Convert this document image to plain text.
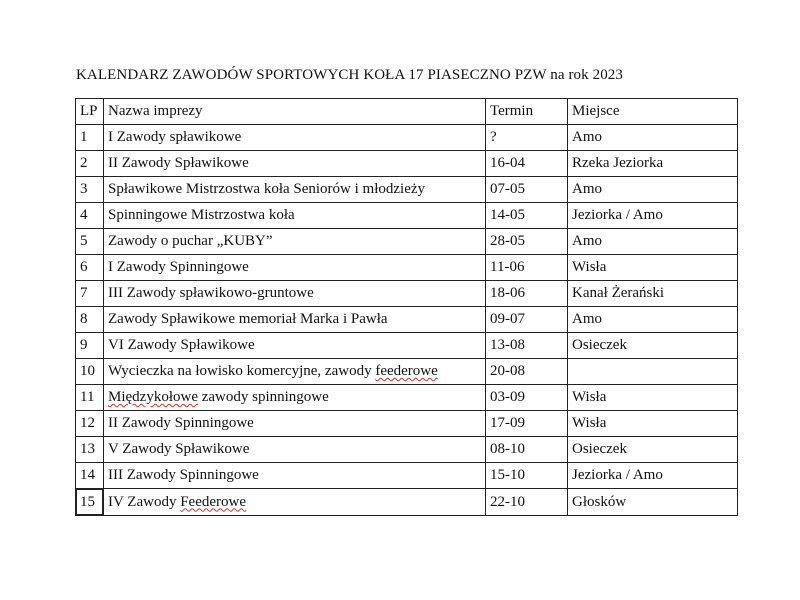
KALENDARZ ZAWODÓW SPORTOWYCH KOŁA 17 PIASECZNO PZW na rok 2023
LP	Nazwa imprezy	Termin	Miejsce
1	I Zawody spławikowe	?	Amo
2	II Zawody Spławikowe	16-04	Rzeka Jeziorka
3	Spławikowe Mistrzostwa koła Seniorów i młodzieży	07-05	Amo
4	Spinningowe Mistrzostwa koła	14-05	Jeziorka / Amo
5	Zawody o puchar „KUBY”	28-05	Amo
6	I Zawody Spinningowe	11-06	Wisła
7	III Zawody spławikowo-gruntowe	18-06	Kanał Żerański
8	Zawody Spławikowe memoriał Marka i Pawła	09-07	Amo
9	VI Zawody Spławikowe	13-08	Osieczek
10	Wycieczka na łowisko komercyjne, zawody feederowe	20-08	
11	Międzykołowe zawody spinningowe	03-09	Wisła
12	II Zawody Spinningowe	17-09	Wisła
13	V Zawody Spławikowe	08-10	Osieczek
14	III Zawody Spinningowe	15-10	Jeziorka / Amo
15	IV Zawody Feederowe	22-10	Głosków
